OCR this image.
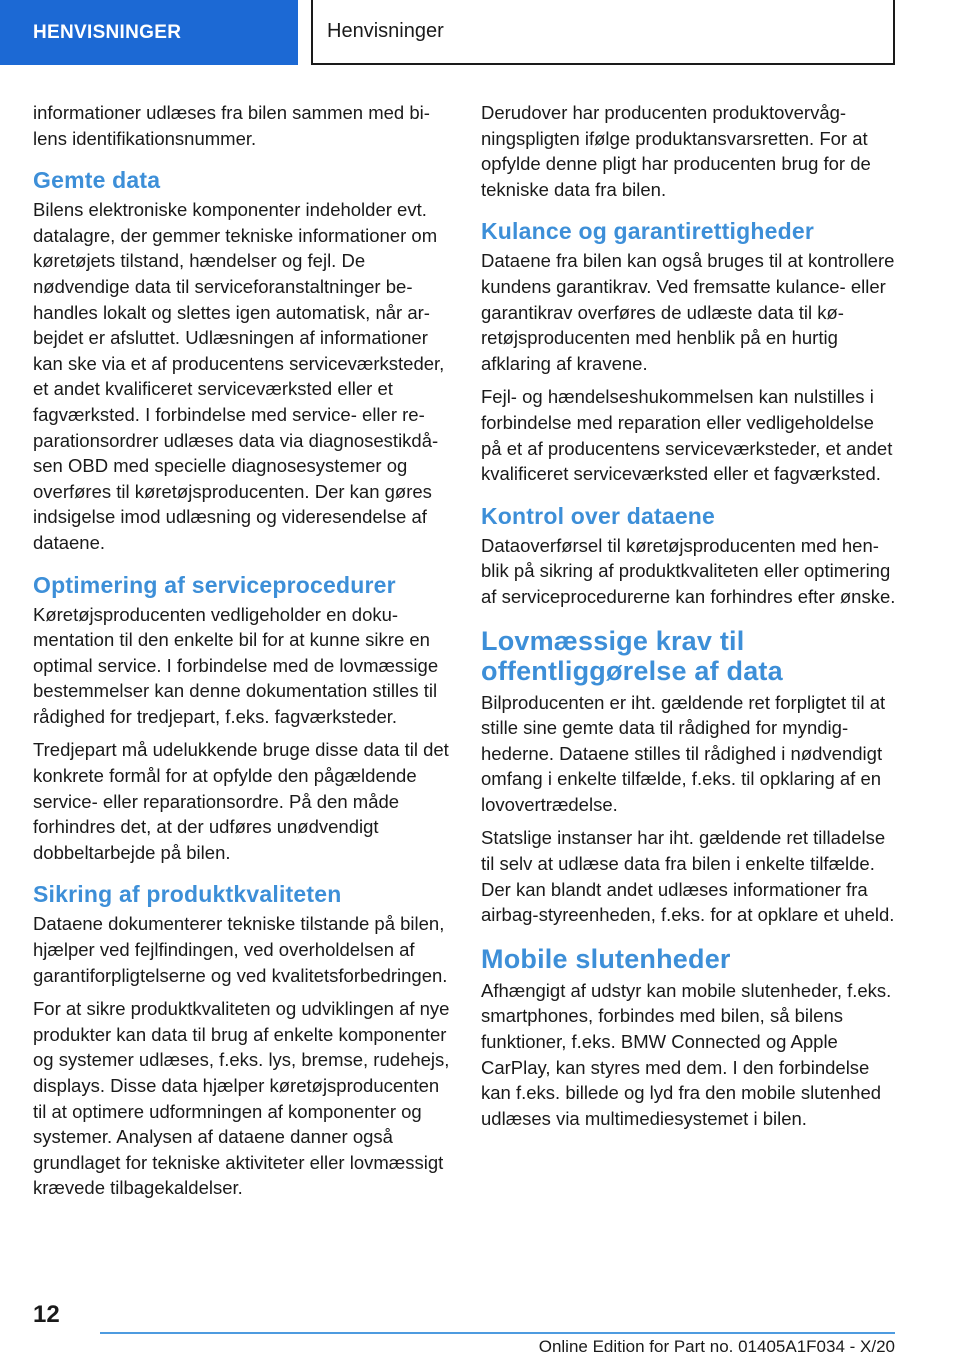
HENVISNINGER	Henvisninger

informationer udlæses fra bilen sammen med bilens identifikationsnummer.

Gemte data

Bilens elektroniske komponenter indeholder evt. datalagre, der gemmer tekniske informationer om køretøjets tilstand, hændelser og fejl. De nødvendige data til serviceforanstaltninger behandles lokalt og slettes igen automatisk, når arbejdet er afsluttet. Udlæsningen af informationer kan ske via et af producentens serviceværksteder, et andet kvalificeret serviceværksted eller et fagværksted. I forbindelse med service- eller reparationsordrer udlæses data via diagnosestikdåsen OBD med specielle diagnosesystemer og overføres til køretøjsproducenten. Der kan gøres indsigelse imod udlæsning og videresendelse af dataene.

Optimering af serviceprocedurer

Køretøjsproducenten vedligeholder en dokumentation til den enkelte bil for at kunne sikre en optimal service. I forbindelse med de lovmæssige bestemmelser kan denne dokumentation stilles til rådighed for tredjepart, f.eks. fagværksteder.

Tredjepart må udelukkende bruge disse data til det konkrete formål for at opfylde den pågældende service- eller reparationsordre. På den måde forhindres det, at der udføres unødvendigt dobbeltarbejde på bilen.

Sikring af produktkvaliteten

Dataene dokumenterer tekniske tilstande på bilen, hjælper ved fejlfindingen, ved overholdelsen af garantiforpligtelserne og ved kvalitetsforbedringen.

For at sikre produktkvaliteten og udviklingen af nye produkter kan data til brug af enkelte komponenter og systemer udlæses, f.eks. lys, bremse, rudehejs, displays. Disse data hjælper køretøjsproducenten til at optimere udformningen af komponenter og systemer. Analysen af dataene danner også grundlaget for tekniske aktiviteter eller lovmæssigt krævede tilbagekaldelser.

Derudover har producenten produktovervågningspligten ifølge produktansvarsretten. For at opfylde denne pligt har producenten brug for de tekniske data fra bilen.

Kulance og garantirettigheder

Dataene fra bilen kan også bruges til at kontrollere kundens garantikrav. Ved fremsatte kulance- eller garantikrav overføres de udlæste data til køretøjsproducenten med henblik på en hurtig afklaring af kravene.

Fejl- og hændelseshukommelsen kan nulstilles i forbindelse med reparation eller vedligeholdelse på et af producentens serviceværksteder, et andet kvalificeret serviceværksted eller et fagværksted.

Kontrol over dataene

Dataoverførsel til køretøjsproducenten med henblik på sikring af produktkvaliteten eller optimering af serviceprocedurerne kan forhindres efter ønske.

Lovmæssige krav til offentliggørelse af data

Bilproducenten er iht. gældende ret forpligtet til at stille sine gemte data til rådighed for myndighederne. Dataene stilles til rådighed i nødvendigt omfang i enkelte tilfælde, f.eks. til opklaring af en lovovertrædelse.

Statslige instanser har iht. gældende ret tilladelse til selv at udlæse data fra bilen i enkelte tilfælde. Der kan blandt andet udlæses informationer fra airbag-styreenheden, f.eks. for at opklare et uheld.

Mobile slutenheder

Afhængigt af udstyr kan mobile slutenheder, f.eks. smartphones, forbindes med bilen, så bilens funktioner, f.eks. BMW Connected og Apple CarPlay, kan styres med dem. I den forbindelse kan f.eks. billede og lyd fra den mobile slutenhed udlæses via multimediesystemet i bilen.

12
Online Edition for Part no. 01405A1F034 - X/20
